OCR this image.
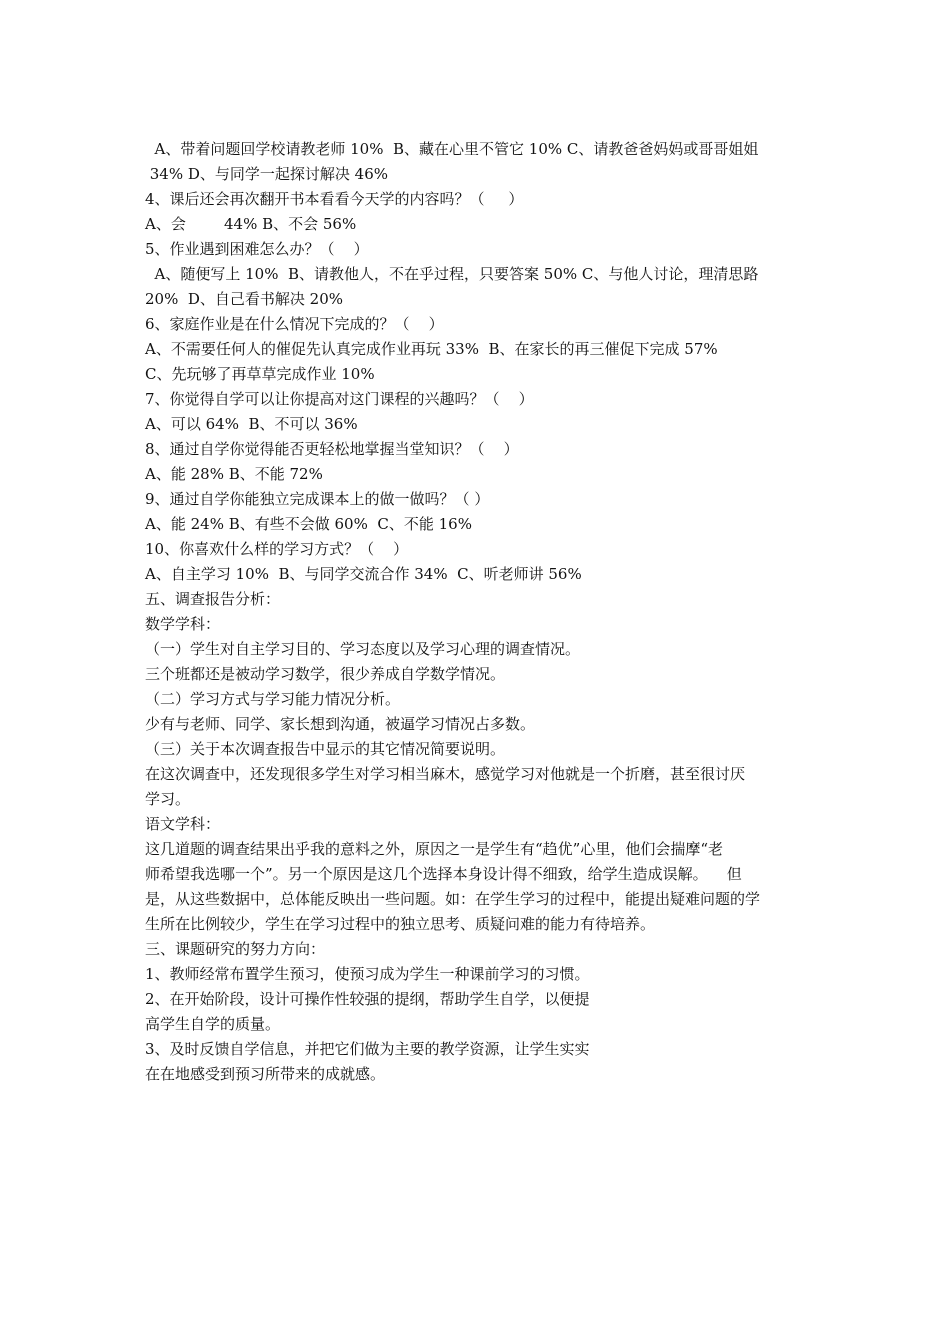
A、带着问题回学校请教老师 10%  B、藏在心里不管它 10% C、请教爸爸妈妈或哥哥姐姐
34% D、与同学一起探讨解决 46%
4、课后还会再次翻开书本看看今天学的内容吗？（     ）
A、会        44% B、不会 56%
5、作业遇到困难怎么办？（    ）
A、随便写上 10%  B、请教他人，不在乎过程，只要答案 50% C、与他人讨论，理清思路
20%  D、自己看书解决 20%
6、家庭作业是在什么情况下完成的？（    ）
A、不需要任何人的催促先认真完成作业再玩 33%  B、在家长的再三催促下完成 57%
C、先玩够了再草草完成作业 10%
7、你觉得自学可以让你提高对这门课程的兴趣吗？（    ）
A、可以 64%  B、不可以 36%
8、通过自学你觉得能否更轻松地掌握当堂知识？（    ）
A、能 28% B、不能 72%
9、通过自学你能独立完成课本上的做一做吗？（ ）
A、能 24% B、有些不会做 60%  C、不能 16%
10、你喜欢什么样的学习方式？（    ）
A、自主学习 10%  B、与同学交流合作 34%  C、听老师讲 56%
五、调查报告分析：
数学学科：
（一）学生对自主学习目的、学习态度以及学习心理的调查情况。
三个班都还是被动学习数学，很少养成自学数学情况。
（二）学习方式与学习能力情况分析。
少有与老师、同学、家长想到沟通，被逼学习情况占多数。
（三）关于本次调查报告中显示的其它情况简要说明。
在这次调查中，还发现很多学生对学习相当麻木，感觉学习对他就是一个折磨，甚至很讨厌
学习。
语文学科：
这几道题的调查结果出乎我的意料之外，原因之一是学生有“趋优”心里，他们会揣摩“老
师希望我选哪一个”。另一个原因是这几个选择本身设计得不细致，给学生造成误解。    但
是，从这些数据中，总体能反映出一些问题。如：在学生学习的过程中，能提出疑难问题的学
生所在比例较少，学生在学习过程中的独立思考、质疑问难的能力有待培养。
三、课题研究的努力方向：
1、教师经常布置学生预习，使预习成为学生一种课前学习的习惯。
2、在开始阶段，设计可操作性较强的提纲，帮助学生自学，以便提
高学生自学的质量。
3、及时反馈自学信息，并把它们做为主要的教学资源，让学生实实
在在地感受到预习所带来的成就感。
